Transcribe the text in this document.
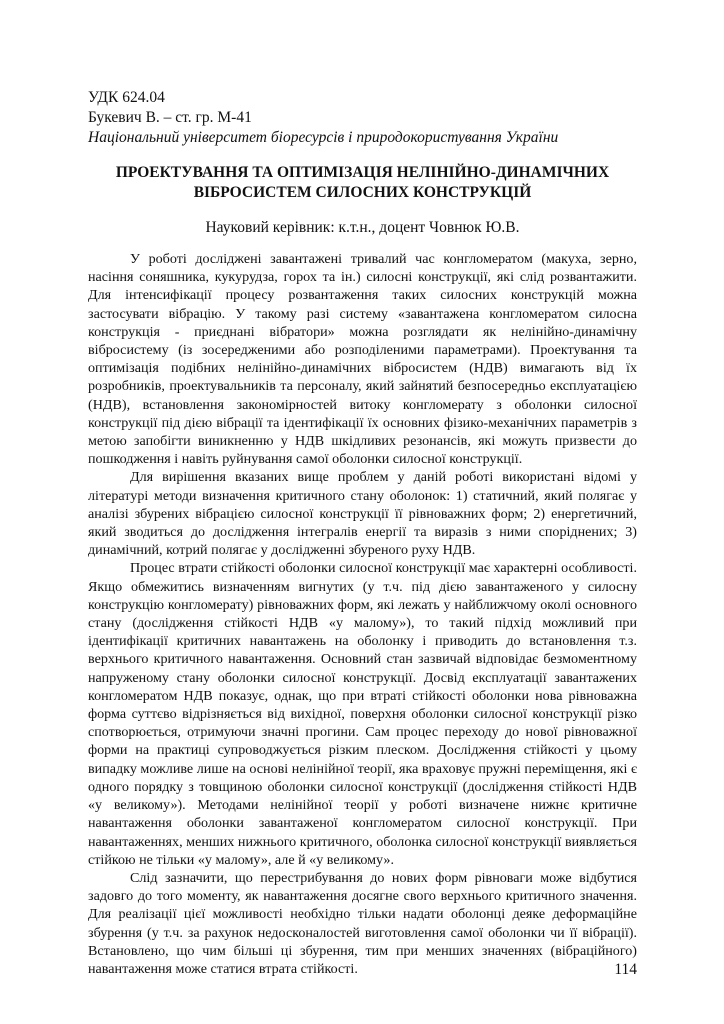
УДК 624.04

Букевич В. – ст. гр. М-41

Національний університет біоресурсів і природокористування України

ПРОЕКТУВАННЯ ТА ОПТИМІЗАЦІЯ НЕЛІНІЙНО-ДИНАМІЧНИХ ВІБРОСИСТЕМ СИЛОСНИХ КОНСТРУКЦІЙ

Науковий керівник: к.т.н., доцент Човнюк Ю.В.

У роботі досліджені завантажені тривалий час конгломератом (макуха, зерно, насіння соняшника, кукурудза, горох та ін.) силосні конструкції, які слід розвантажити. Для інтенсифікації процесу розвантаження таких силосних конструкцій можна застосувати вібрацію. У такому разі систему «завантажена конгломератом силосна конструкція - приєднані вібратори» можна розглядати як нелінійно-динамічну вібросистему (із зосередженими або розподіленими параметрами). Проектування та оптимізація подібних нелінійно-динамічних вібросистем (НДВ) вимагають від їх розробників, проектувальників та персоналу, який зайнятий безпосередньо експлуатацією (НДВ), встановлення закономірностей витоку конгломерату з оболонки силосної конструкції під дією вібрації та ідентифікації їх основних фізико-механічних параметрів з метою запобігти виникненню у НДВ шкідливих резонансів, які можуть призвести до пошкодження і навіть руйнування самої оболонки силосної конструкції.

Для вирішення вказаних вище проблем у даній роботі використані відомі у літературі методи визначення критичного стану оболонок: 1) статичний, який полягає у аналізі збурених вібрацією силосної конструкції її рівноважних форм; 2) енергетичний, який зводиться до дослідження інтегралів енергії та виразів з ними споріднених; 3) динамічний, котрий полягає у дослідженні збуреного руху НДВ.

Процес втрати стійкості оболонки силосної конструкції має характерні особливості. Якщо обмежитись визначенням вигнутих (у т.ч. під дією завантаженого у силосну конструкцію конгломерату) рівноважних форм, які лежать у найближчому околі основного стану (дослідження стійкості НДВ «у малому»), то такий підхід можливий при ідентифікації критичних навантажень на оболонку і приводить до встановлення т.з. верхнього критичного навантаження. Основний стан зазвичай відповідає безмоментному напруженому стану оболонки силосної конструкції. Досвід експлуатації завантажених конгломератом НДВ показує, однак, що при втраті стійкості оболонки нова рівноважна форма суттєво відрізняється від вихідної, поверхня оболонки силосної конструкції різко спотворюється, отримуючи значні прогини. Сам процес переходу до нової рівноважної форми на практиці супроводжується різким плеском. Дослідження стійкості у цьому випадку можливе лише на основі нелінійної теорії, яка враховує пружні переміщення, які є одного порядку з товщиною оболонки силосної конструкції (дослідження стійкості НДВ «у великому»). Методами нелінійної теорії у роботі визначене нижнє критичне навантаження оболонки завантаженої конгломератом силосної конструкції. При навантаженнях, менших нижнього критичного, оболонка силосної конструкції виявляється стійкою не тільки «у малому», але й «у великому».

Слід зазначити, що перестрибування до нових форм рівноваги може відбутися задовго до того моменту, як навантаження досягне свого верхнього критичного значення. Для реалізації цієї можливості необхідно тільки надати оболонці деяке деформаційне збурення (у т.ч. за рахунок недосконалостей виготовлення самої оболонки чи її вібрації). Встановлено, що чим більші ці збурення, тим при менших значеннях (вібраційного) навантаження може статися втрата стійкості.	114
